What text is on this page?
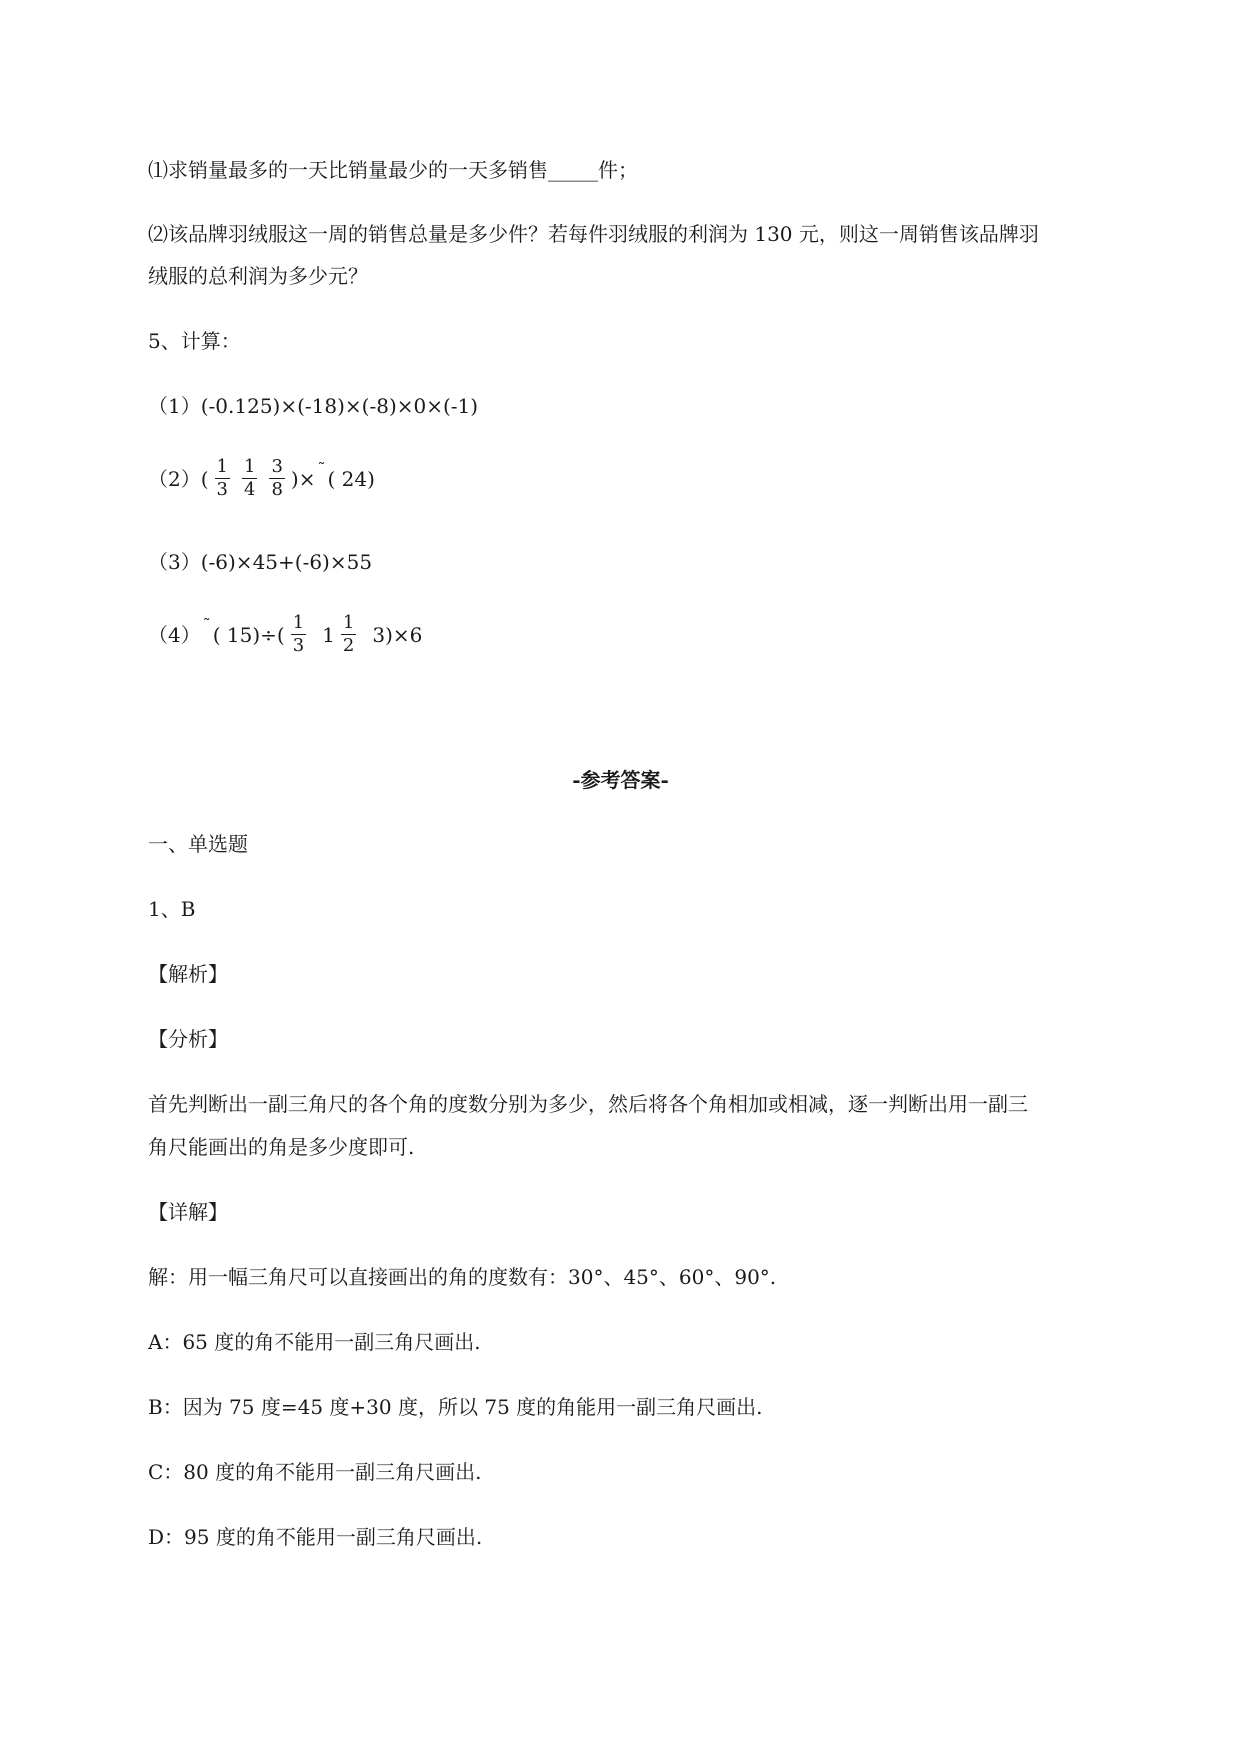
⑴求销量最多的一天比销量最少的一天多销售_____件；
⑵该品牌羽绒服这一周的销售总量是多少件？若每件羽绒服的利润为 130 元，则这一周销售该品牌羽
绒服的总利润为多少元？
5、计算：
（1）(-0.125)×(-18)×(-8)×0×(-1)
（2） ( $\frac{1}{3} \frac{1}{4} \frac{3}{8}$ )× ˜ ( 24)
（3）(-6)×45+(-6)×55
（4） ˜ ( $15)\div( \frac{1}{3} 1 \frac{1}{2} 3)\times 6$
-参考答案-
一、单选题
1、B
【解析】
【分析】
首先判断出一副三角尺的各个角的度数分别为多少，然后将各个角相加或相减，逐一判断出用一副三
角尺能画出的角是多少度即可.
【详解】
解：用一幅三角尺可以直接画出的角的度数有：30°、45°、60°、90°.
A：65 度的角不能用一副三角尺画出.
B：因为 75 度=45 度+30 度，所以 75 度的角能用一副三角尺画出.
C：80 度的角不能用一副三角尺画出.
D：95 度的角不能用一副三角尺画出.
